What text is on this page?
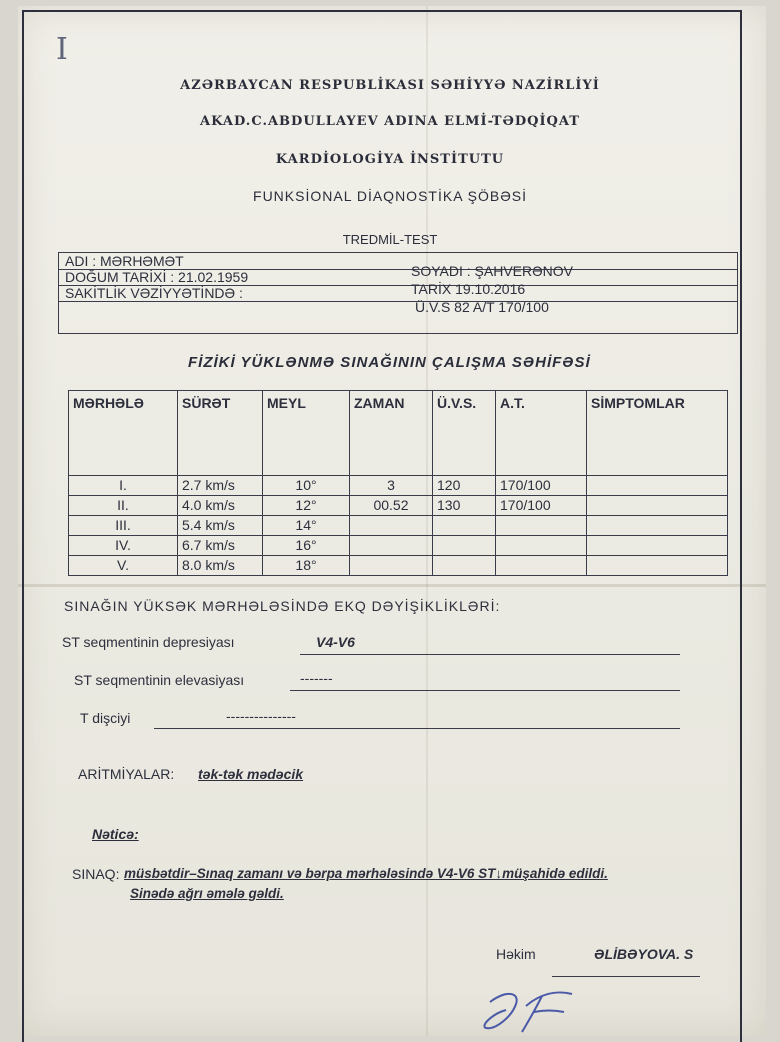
I
AZƏRBAYCAN RESPUBLİKASI SƏHİYYƏ NAZİRLİYİ
AKAD.C.ABDULLAYEV ADINA ELMİ-TƏDQİQAT
KARDİOLOGİYA İNSTİTUTU
FUNKSİONAL DİAQNOSTİKA ŞÖBƏSİ
TREDMİL-TEST
ADI : MƏRHƏMƏT
DOĞUM TARİXİ : 21.02.1959
SAKİTLİK VƏZİYYƏTİNDƏ :
SOYADI : ŞAHVERƏNOV
TARİX 19.10.2016
Ü.V.S 82 A/T 170/100
FİZİKİ YÜKLƏNMƏ SINAĞININ ÇALIŞMA SƏHİFƏSİ
MƏRHƏLƏ	SÜRƏT	MEYL	ZAMAN	Ü.V.S.	A.T.	SİMPTOMLAR
I.	2.7 km/s	10°	3	120	170/100	
II.	4.0 km/s	12°	00.52	130	170/100	
III.	5.4 km/s	14°				
IV.	6.7 km/s	16°				
V.	8.0 km/s	18°				
SINAĞIN YÜKSƏK MƏRHƏLƏSİNDƏ EKQ DƏYİŞİKLİKLƏRİ:
ST seqmentinin depresiyası	V4-V6
ST seqmentinin elevasiyası	-------
T dişciyi	---------------
ARİTMİYALAR: tək-tək mədəcik
Nəticə:
SINAQ: müsbətdir–Sınaq zamanı və bərpa mərhələsində V4-V6 ST↓müşahidə edildi.
Sinədə ağrı əmələ gəldi.
Həkim	ƏLİBƏYOVA. S
